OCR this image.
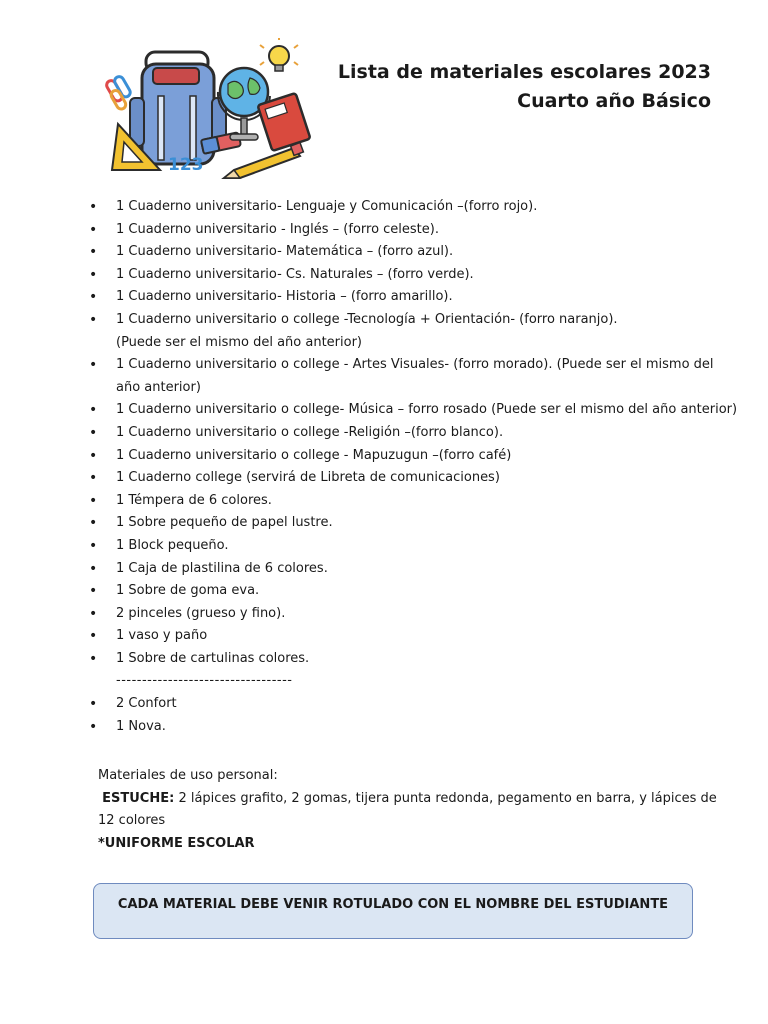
123
Lista de materiales escolares 2023
Cuarto año Básico
• 1 Cuaderno universitario- Lenguaje y Comunicación –(forro rojo).
• 1 Cuaderno universitario - Inglés – (forro celeste).
• 1 Cuaderno universitario- Matemática – (forro azul).
• 1 Cuaderno universitario- Cs. Naturales – (forro verde).
• 1 Cuaderno universitario- Historia – (forro amarillo).
• 1 Cuaderno universitario o college -Tecnología + Orientación- (forro naranjo).
(Puede ser el mismo del año anterior)
• 1 Cuaderno universitario o college - Artes Visuales- (forro morado). (Puede ser el mismo del
año anterior)
• 1 Cuaderno universitario o college- Música – forro rosado (Puede ser el mismo del año anterior)
• 1 Cuaderno universitario o college -Religión –(forro blanco).
• 1 Cuaderno universitario o college - Mapuzugun –(forro café)
• 1 Cuaderno college (servirá de Libreta de comunicaciones)
• 1 Témpera de 6 colores.
• 1 Sobre pequeño de papel lustre.
• 1 Block pequeño.
• 1 Caja de plastilina de 6 colores.
• 1 Sobre de goma eva.
• 2 pinceles (grueso y fino).
• 1 vaso y paño
• 1 Sobre de cartulinas colores.
----------------------------------
• 2 Confort
• 1 Nova.
Materiales de uso personal:
ESTUCHE: 2 lápices grafito, 2 gomas, tijera punta redonda, pegamento en barra, y lápices de
12 colores
*UNIFORME ESCOLAR
CADA MATERIAL DEBE VENIR ROTULADO CON EL NOMBRE DEL ESTUDIANTE
